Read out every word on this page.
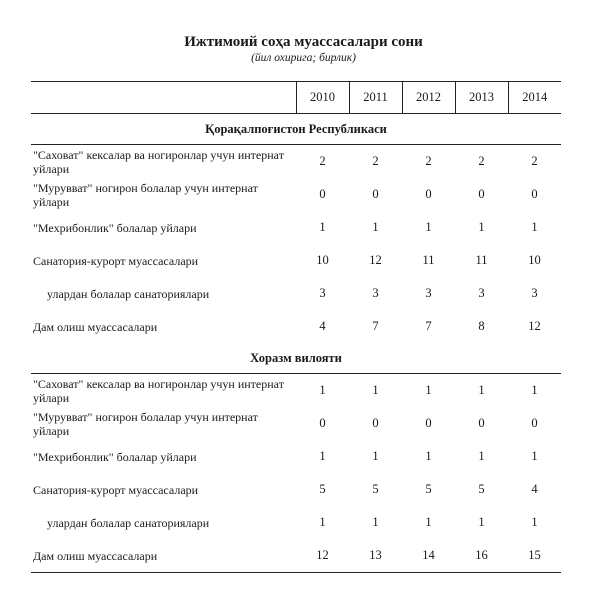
Ижтимоий соҳа муассасалари сони
(йил охирига; бирлик)
	2010	2011	2012	2013	2014
Қорақалпоғистон Республикаси					
"Саховат" кексалар ва ногиронлар учун интернат уйлари	2	2	2	2	2
"Мурувват" ногирон болалар учун интернат уйлари	0	0	0	0	0
"Мехрибонлик" болалар уйлари	1	1	1	1	1
Санатория-курорт муассасалари	10	12	11	11	10
улардан болалар санаториялари	3	3	3	3	3
Дам олиш муассасалари	4	7	7	8	12
Хоразм вилояти					
"Саховат" кексалар ва ногиронлар учун интернат уйлари	1	1	1	1	1
"Мурувват" ногирон болалар учун интернат уйлари	0	0	0	0	0
"Мехрибонлик" болалар уйлари	1	1	1	1	1
Санатория-курорт муассасалари	5	5	5	5	4
улардан болалар санаториялари	1	1	1	1	1
Дам олиш муассасалари	12	13	14	16	15
